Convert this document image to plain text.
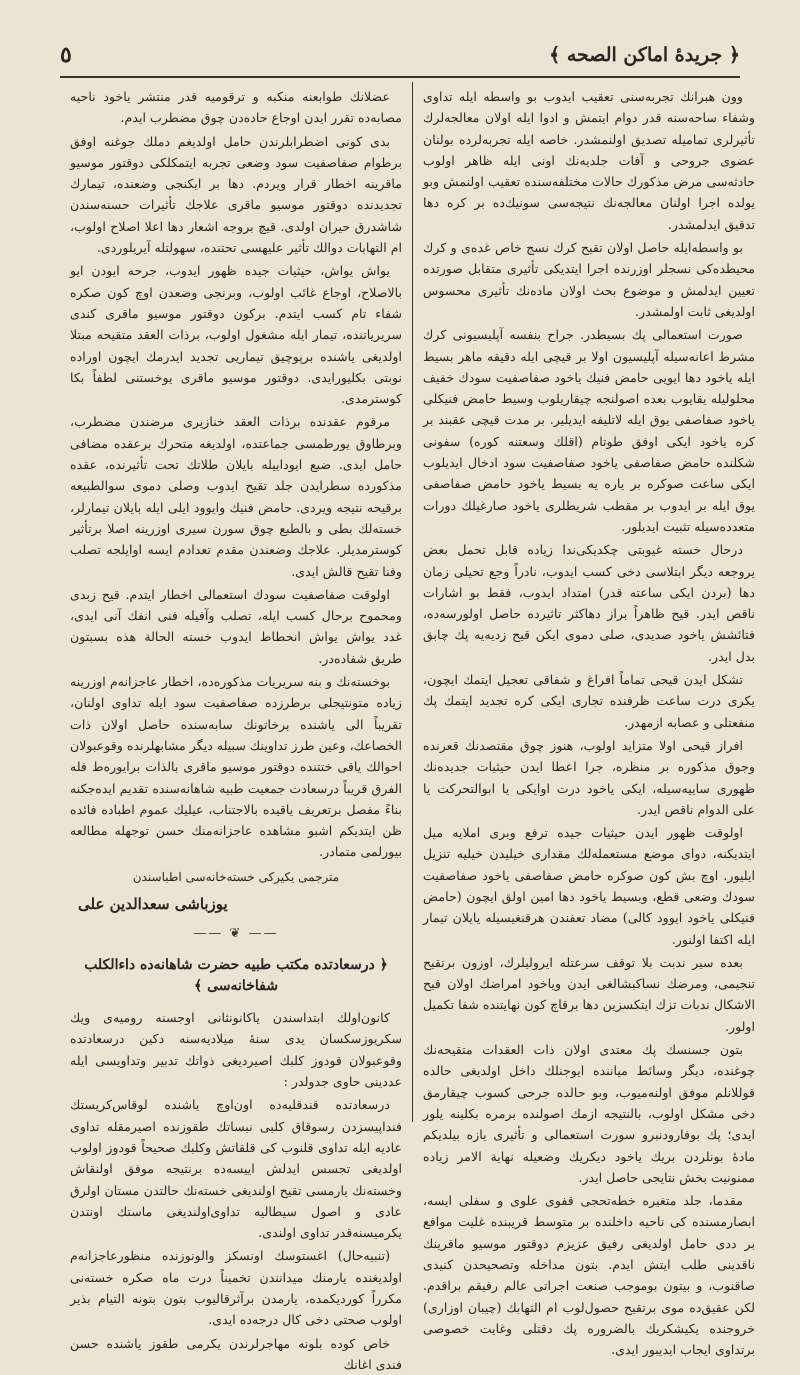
﴿ جريدهٔ اماكن الصحه ﴾
٥

وون هبرانك تجربه‌سنی تعقیب ایدوب بو واسطه ایله تداوی وشفاء ساحه‌سنه قدر دوام ایتمش و ادوا ایله اولان معالجه‌لرك تأثیرلری تمامیله تصدیق اولنمشدر. خاصه ایله تجربه‌لرده بولنان عضوی جروحی و آفات جلدیه‌نك اونی ایله ظاهر اولوب حادثه‌سی مرض مذكورك حالات مختلفه‌سنده تعقیب اولنمش وبو یولده اجرا اولنان معالجه‌نك نتیجه‌سی سونیك‌ده بر كره دها تدقیق ایدلمشدر.

بو واسطه‌ایله حاصل اولان تقیح كرك نسج خاص غده‌ی و كرك محیطده‌كی نسجلر اوزرنده اجرا ایتدیكی تأثیری متقابل صورتده تعیین ایدلمش و موضوع بحث اولان ماده‌نك تأثیری محسوس اولدیغی ثابت اولمشدر.

صورت استعمالی پك بسیطدر. جراح بنفسه آپلیسیونی كرك مشرط اعانه‌سیله آپلیسیون اولا بر قیچی ایله دقیقه ماهر بسیط ایله یاخود دها ایویی حامض فنیك یاخود صفاصفیت سودك خفیف محلولیله یقایوب بعده اصولنجه چیقاریلوب وسیط حامض فنیكلی یاخود صفاصفی یوق ایله لاتلیفه ایدیلیر. بر مدت قیچی عقبند بر كره یاخود ایكی اوفق طوتام (اقلك وسعتنه كوره) سفونی شكلنده حامض صفاصفی یاخود صفاصفیت سود ادخال ایدیلوب ایكی ساعت صوكره بر یاره یه بسیط یاخود حامض صفاصفی یوق ایله بر ایدوب بر مقطب شریطلری یاخود صارغیلك دورات متعدده‌سیله تثبیت ایدیلور.

درحال خسته غیوبتی چكدیكی‌ندا زیاده قابل تحمل بعض یروجعه دیگر ابتلاسی دخی كسب ایدوب، نادراً وجع تحیلی زمان دها (بردن ایكی ساعته قدر) امتداد ایدوب، فقط بو اشارات ناقص ایدر. قیح ظاهراً براز دها‌كثر تاثیرده حاصل اولورسه‌ده، فتائشش یاخود صدیدی، صلی دموی ایكن قیح زدیه‌یه پك چابق بدل ایدر.

تشكل ایدن قیحی تماماً افراغ و شفاقی تعجیل ایتمك ایچون، یكری درت ساعت ظرفنده تجاری ایكی كره تجدید ایتمك پك منفعتلی و عصابه ازمهدر.

افراز قیحی اولا متزاید اولوب، هنوز چوق مقتصدنك قعرنده وجوق مذكوره بر منظره، جرا اعطا ایدن حیثیات جدیده‌نك ظهوری ساییه‌سیله، ایكی یاخود درت اوایكی یا ابوالتحركت یا علی الدوام ناقص ایدر.

اولوقت ظهور ایدن حیثیات جیده ترفع وبری املایه میل ایتدیكنه، دوای موضع مستعمله‌لك مقداری خیلیدن خیلیه تنزیل ایلیور. اوچ بش كون صوكره حامض صفاصفی یاخود صفاصفیت سودك وضعی قطع، وبسیط یاخود دها امین اولق ایچون (حامض فنیكلی یاخود ایوود كالی) مضاد تعفندن هرقنغیسیله یایلان تیمار ایله اكتفا اولنور.

بعده سیر ندبت بلا توقف سرعتله ایرولیلرك، اوزون برتقیح تنجیمی، ومرضك نساكبشالغی ایدن ویاخود امراضك اولان قیح الاشكال ندبات تزك ایتكسزین دها برقاچ كون نهایتنده شفا تكمیل اولور.

بتون جسنسك پك معتدی اولان ذات العقدات متقیحه‌نك چوغنده، دیگر وسائط میاننده ایوجنلك داخل اولدیغی حالده قوللانلم موفق اولنه‌میوب، وبو حالده جرحی كسوب چیقارمق دخی مشكل اولوب، بالنتیجه ازمك اصولنده برمره بكلینه یلور ایدی؛ پك بوفارودنبرو سورت استعمالی و تأثیری یازه بیلدیكم مادهٔ بونلردن بریك یاخود دیكریك وضعیله نهایة الامر زیاده ممنونیت بخش نتایجی حاصل ایدر.

مقدما، جلد متغیره خطه‌تحجی قفوی علوی و سفلی ایسه، ابصارمسنده كی ناحیه داخلنده بر متوسط قریبنده غلیت موافع بر ددی حامل اولدیغی رفیق عزیزم دوقتور موسیو ماقرینك ناقدینی طلب ایتش ایدم. بتون مداخله وتصحیحدن كنیدی صاقنوب، و بیتون بوموجب صنعت اجراتی عالم رفیقم براقدم. لكن عقیق‌ده موی برتقیح حصول‌لوب ام التهابك (چیبان اوزاری) خروجنده یكیشكریك بالضروره پك دقتلی وغایت خصوصی برتداوی ایجاب ایدیبور ایدی.

عضلانك طوابعنه منكبه و ترقومیه قدر منتشر یاخود ناحیه مصابه‌ده تقرر ایدن اوجاع حاده‌دن چوق مضطرب ایدم.

بدی كونی اضطرابلرندن حامل اولدیغم دملك جوغنه اوفق برطوام صفاصفیت سود وضعی تجربه ایتمكلکی دوقتور موسیو ماقرینه اخطار قرار ویردم. دها بر ایكنجی وضعنده، تیمارك تجدیدنده دوقتور موسیو ماقری علاجك تأثیرات حسنه‌سندن شاشدرق حیران اولدی. قیچ بروجه اشعار دها اعلا اصلاح اولوب، ام التهابات دوالك تأثیر علیهسی تحتنده، سهولتله آیریلوردی.

یواش یواش، حیثیات جیده ظهور ایدوب، جرحه ایودن ایو بالاصلاح، اوجاع غائب اولوب، وبرنجی وضعدن اوچ كون صكره شفاء تام كسب ایتدم. بركون دوقتور موسیو ماقری كندی سریریاتنده، تیمار ایله مشغول اولوب، برذات العقد متقیحه مبتلا اولدیغی یاشنده برپوچیق تیماریی تجدید ایدرمك ایچون اوراده نوبتی بكلیورایدی. دوقتور موسیو ماقری یوخستنی لطفاً بكا كوسترمدی.

مرقوم عقدنده برذات العقد خنازیری مرضندن مضطرب، وبرطاوق یورطمسی جماعتده، اولدیغه متحرك برعقده مضافی حامل ایدی. ضبع ایوداییله بایلان طلاتك تحت تأثیرنده، عقده مذكورده سطرایدن جلد تقیح ایدوب وصلی دموی سوالطبیعه برقیحه نتیجه ویردی. حامض فنیك وایوود ایلی ایله بایلان تیمارلر، خسته‌لك بطی و بالطبع چوق سورن سیری اوزرینه اصلا برتأثیر كوسترمدیلر. علاجك وضعندن مقدم تعدادم ایسه اوایلجه تصلب وفنا تقیح قالش ایدی.

اولوقت صفاصفیت سودك استعمالی اخطار ایتدم. قیح زبدی ومحموح برحال كسب ایله، تصلب وآفیله فنی انفك آنی ایدی، غدد یواش یواش انحطاط ایدوب خسته الحالة هذه بسبتون طریق شفاده‌در.

بوخسته‌نك و بنه سریریات مذكوره‌ده، اخطار عاجزانه‌م اوزرینه زیاده متونتیجلی برطرزده صفاصفیت سود ایله تداوی اولنان، تقریباً الی یاشنده برخاتونك سابه‌سنده حاصل اولان ذات الخصاعك، وعین طرز تداوینك سبیله دیگر مشابهلرنده وقوعبولان احوالك یاقی ختتنده دوقتور موسیو ماقری بالذات برایوره‌ط فله الفرق قریباً درسعادت جمعیت طبیه شاهانه‌سنده تقدیم ایده‌جكنه بناءً مفصل برتعریف یاقیده بالاجتناب، عیلیك عموم اطباده فائده ظن ایتدیكم اشبو مشاهده عاجزانه‌منك حسن توجهله مطالعه بیورلمی متمادر.

مترجمی یكیركی خسته‌خانه‌سی اطباسندن
یوزباشی سعدالدین علی
—— ❦ ——
﴿ درسعادتده مكتب طبیه حضرت شاهانه‌ده داءالكلب شفاخانه‌سی ﴾

كانون‌اولك ابتداسندن یاكانونثانی اوجسنه رومیه‌ی ویك سكریوزسكسان یدی سنهٔ میلادیه‌سنه دكین درسعادتده وقوعبولان قودوز كلبك اصیردیغی ذواتك تدبیر وتداویسی ایله عددینی حاوی جدولدر :

درسعادتده قندقلیه‌ده اون‌اوچ یاشنده لوقاس‌كریستك فنداپیسزدن رسوقاق كلبی نبساتك طقوزنده اصیرمقله تداوی عادیه ایله تداوی قلنوب كی قلقاتش وكلبك صحیحاً قودوز اولوب اولدیغی تجسس ایدلش اییسه‌ده برنتیجه موفق اولنقاش وخسته‌نك یارمسی تقیح اولندیغی خسته‌نك حالتدن مستان اولرق عادی و اصول سیطالیه تداوی‌اولندیغی ماستك اونتدن یكرمیسنه‌قدر تداوی اولندی.

(تنبیه‌حال) اغستوسك اونسكز والونوزنده منظورعاجزانه‌م اولدیغنده یارمنك میدانندن تخمیناً درت ماه صكره خسته‌نی مكرراً كوردیكمده، یارمدن برآثرقالیوب بتون بتونه التیام بذیر اولوب صحتی دخی كال درجه‌ده ایدی.

خاص كوده بلونه مهاجرلرندن یكرمی طقوز یاشنده حسن فندی اغانك
